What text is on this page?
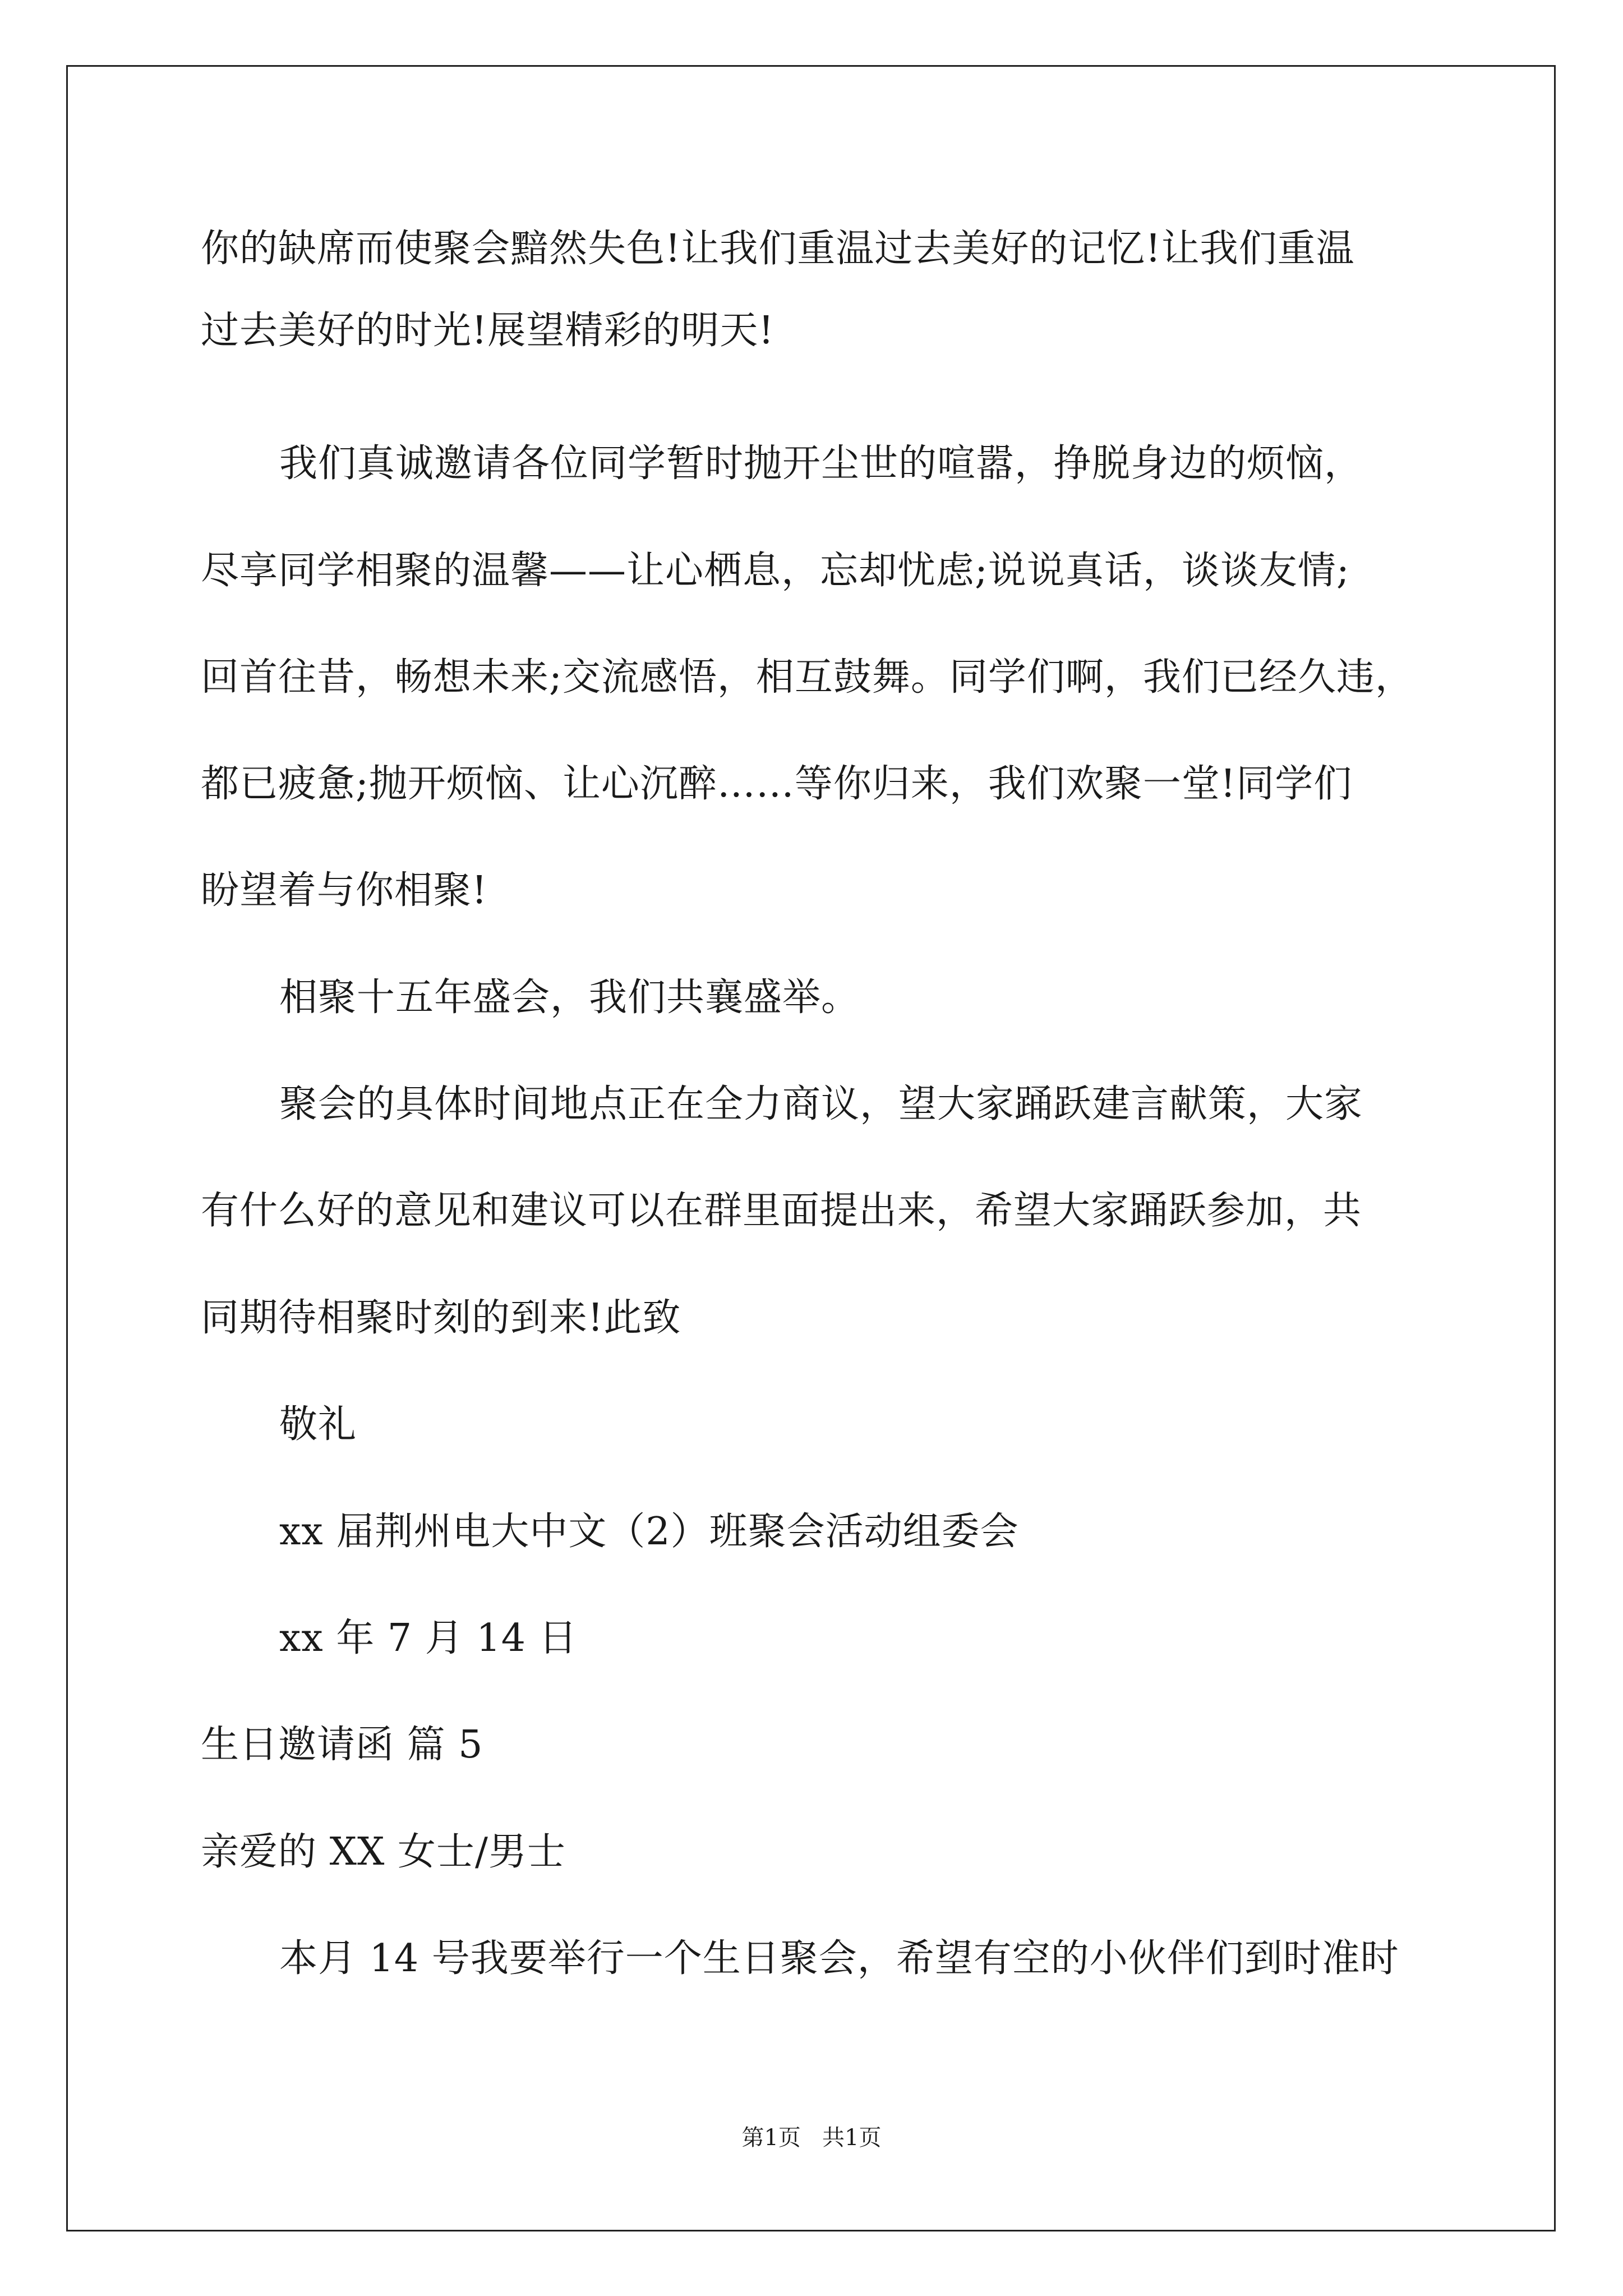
你的缺席而使聚会黯然失色!让我们重温过去美好的记忆!让我们重温
过去美好的时光!展望精彩的明天!
我们真诚邀请各位同学暂时抛开尘世的喧嚣，挣脱身边的烦恼，
尽享同学相聚的温馨——让心栖息，忘却忧虑;说说真话，谈谈友情;
回首往昔，畅想未来;交流感悟，相互鼓舞。同学们啊，我们已经久违，
都已疲惫;抛开烦恼、让心沉醉……等你归来，我们欢聚一堂!同学们
盼望着与你相聚!
相聚十五年盛会，我们共襄盛举。
聚会的具体时间地点正在全力商议，望大家踊跃建言献策，大家
有什么好的意见和建议可以在群里面提出来，希望大家踊跃参加，共
同期待相聚时刻的到来!此致
敬礼
xx 届荆州电大中文（2）班聚会活动组委会
xx 年 7 月 14 日
生日邀请函 篇 5
亲爱的 XX 女士/男士
本月 14 号我要举行一个生日聚会，希望有空的小伙伴们到时准时
第1页   共1页
